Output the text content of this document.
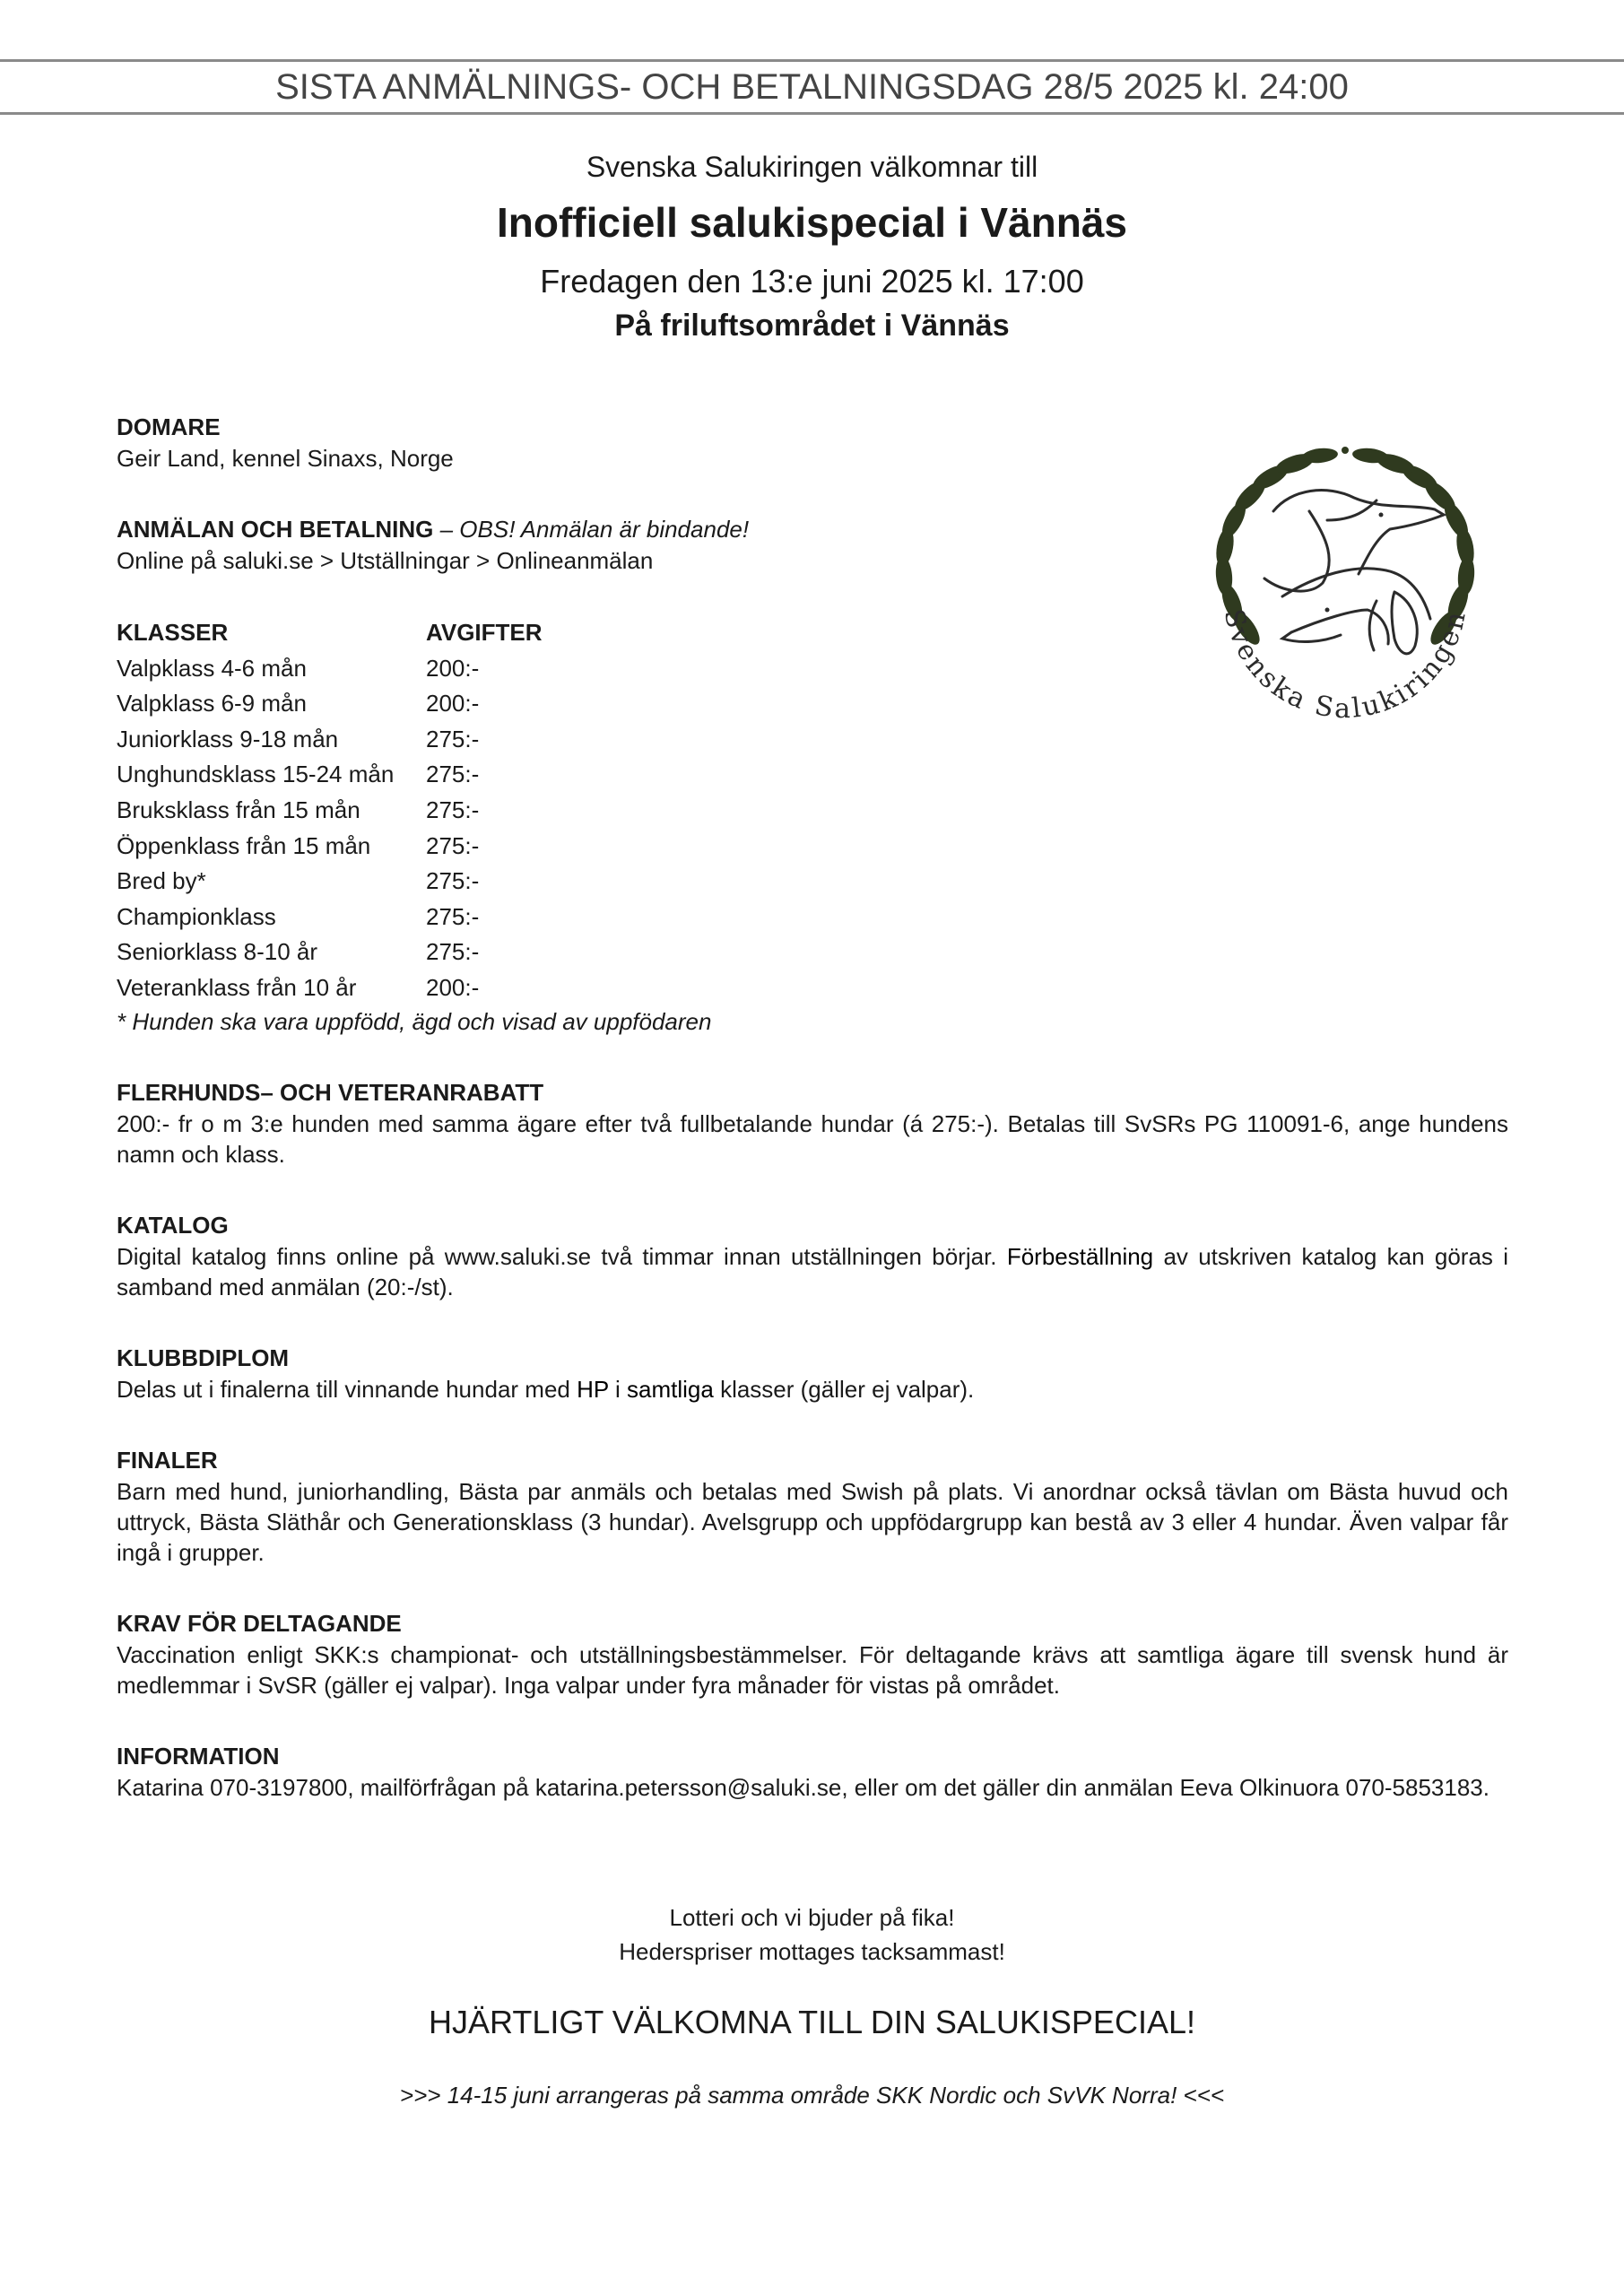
SISTA ANMÄLNINGS- OCH BETALNINGSDAG 28/5 2025 kl. 24:00
Svenska Salukiringen välkomnar till
Inofficiell salukispecial i Vännäs
Fredagen den 13:e juni 2025 kl. 17:00
På friluftsområdet i Vännäs
Svenska Salukiringen
DOMARE
Geir Land, kennel Sinaxs, Norge
ANMÄLAN OCH BETALNING – OBS! Anmälan är bindande!
Online på saluki.se > Utställningar > Onlineanmälan
KLASSER	AVGIFTER
Valpklass 4-6 mån	200:-
Valpklass 6-9 mån	200:-
Juniorklass 9-18 mån	275:-
Unghundsklass 15-24 mån	275:-
Bruksklass från 15 mån	275:-
Öppenklass från 15 mån	275:-
Bred by*	275:-
Championklass	275:-
Seniorklass 8-10 år	275:-
Veteranklass från 10 år	200:-
* Hunden ska vara uppfödd, ägd och visad av uppfödaren
FLERHUNDS– OCH VETERANRABATT
200:- fr o m 3:e hunden med samma ägare efter två fullbetalande hundar (á 275:-). Betalas till SvSRs PG 110091-6, ange hundens namn och klass.
KATALOG
Digital katalog finns online på www.saluki.se två timmar innan utställningen börjar. Förbeställning av utskriven katalog kan göras i samband med anmälan (20:-/st).
KLUBBDIPLOM
Delas ut i finalerna till vinnande hundar med HP i samtliga klasser (gäller ej valpar).
FINALER
Barn med hund, juniorhandling, Bästa par anmäls och betalas med Swish på plats. Vi anordnar också tävlan om Bästa huvud och uttryck, Bästa Släthår och Generationsklass (3 hundar). Avelsgrupp och uppfödargrupp kan bestå av 3 eller 4 hundar. Även valpar får ingå i grupper.
KRAV FÖR DELTAGANDE
Vaccination enligt SKK:s championat- och utställningsbestämmelser. För deltagande krävs att samtliga ägare till svensk hund är medlemmar i SvSR (gäller ej valpar). Inga valpar under fyra månader för vistas på området.
INFORMATION
Katarina 070-3197800, mailförfrågan på katarina.petersson@saluki.se, eller om det gäller din anmälan Eeva Olkinuora 070-5853183.
Lotteri och vi bjuder på fika!
Hederspriser mottages tacksammast!
HJÄRTLIGT VÄLKOMNA TILL DIN SALUKISPECIAL!
>>> 14-15 juni arrangeras på samma område SKK Nordic och SvVK Norra! <<<
